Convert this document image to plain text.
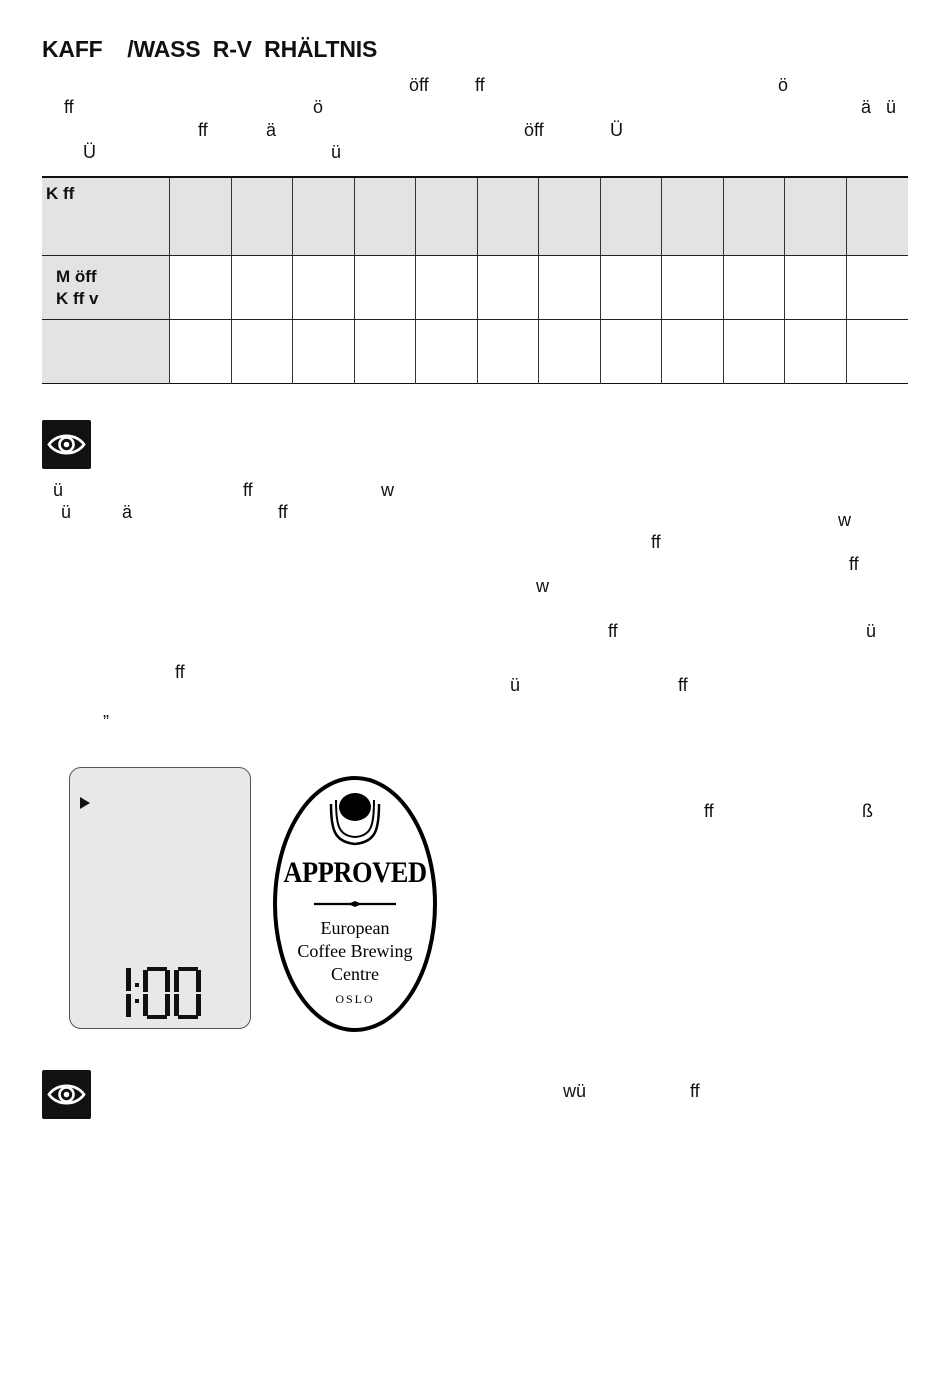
KAFF    /WASS  R-V  RHÄLTNIS
öff	ff	ö
ff	ö	ä ü
ff	ä	öff	Ü
Ü	ü
K ff												

M öff
K ff v												

ü	ff	w
ü	ä	ff	w
ff
ff
w
ff	ü
ff
ü	ff
”
APPROVED
European
Coffee Brewing
Centre
OSLO
ff	ß
wü	ff
